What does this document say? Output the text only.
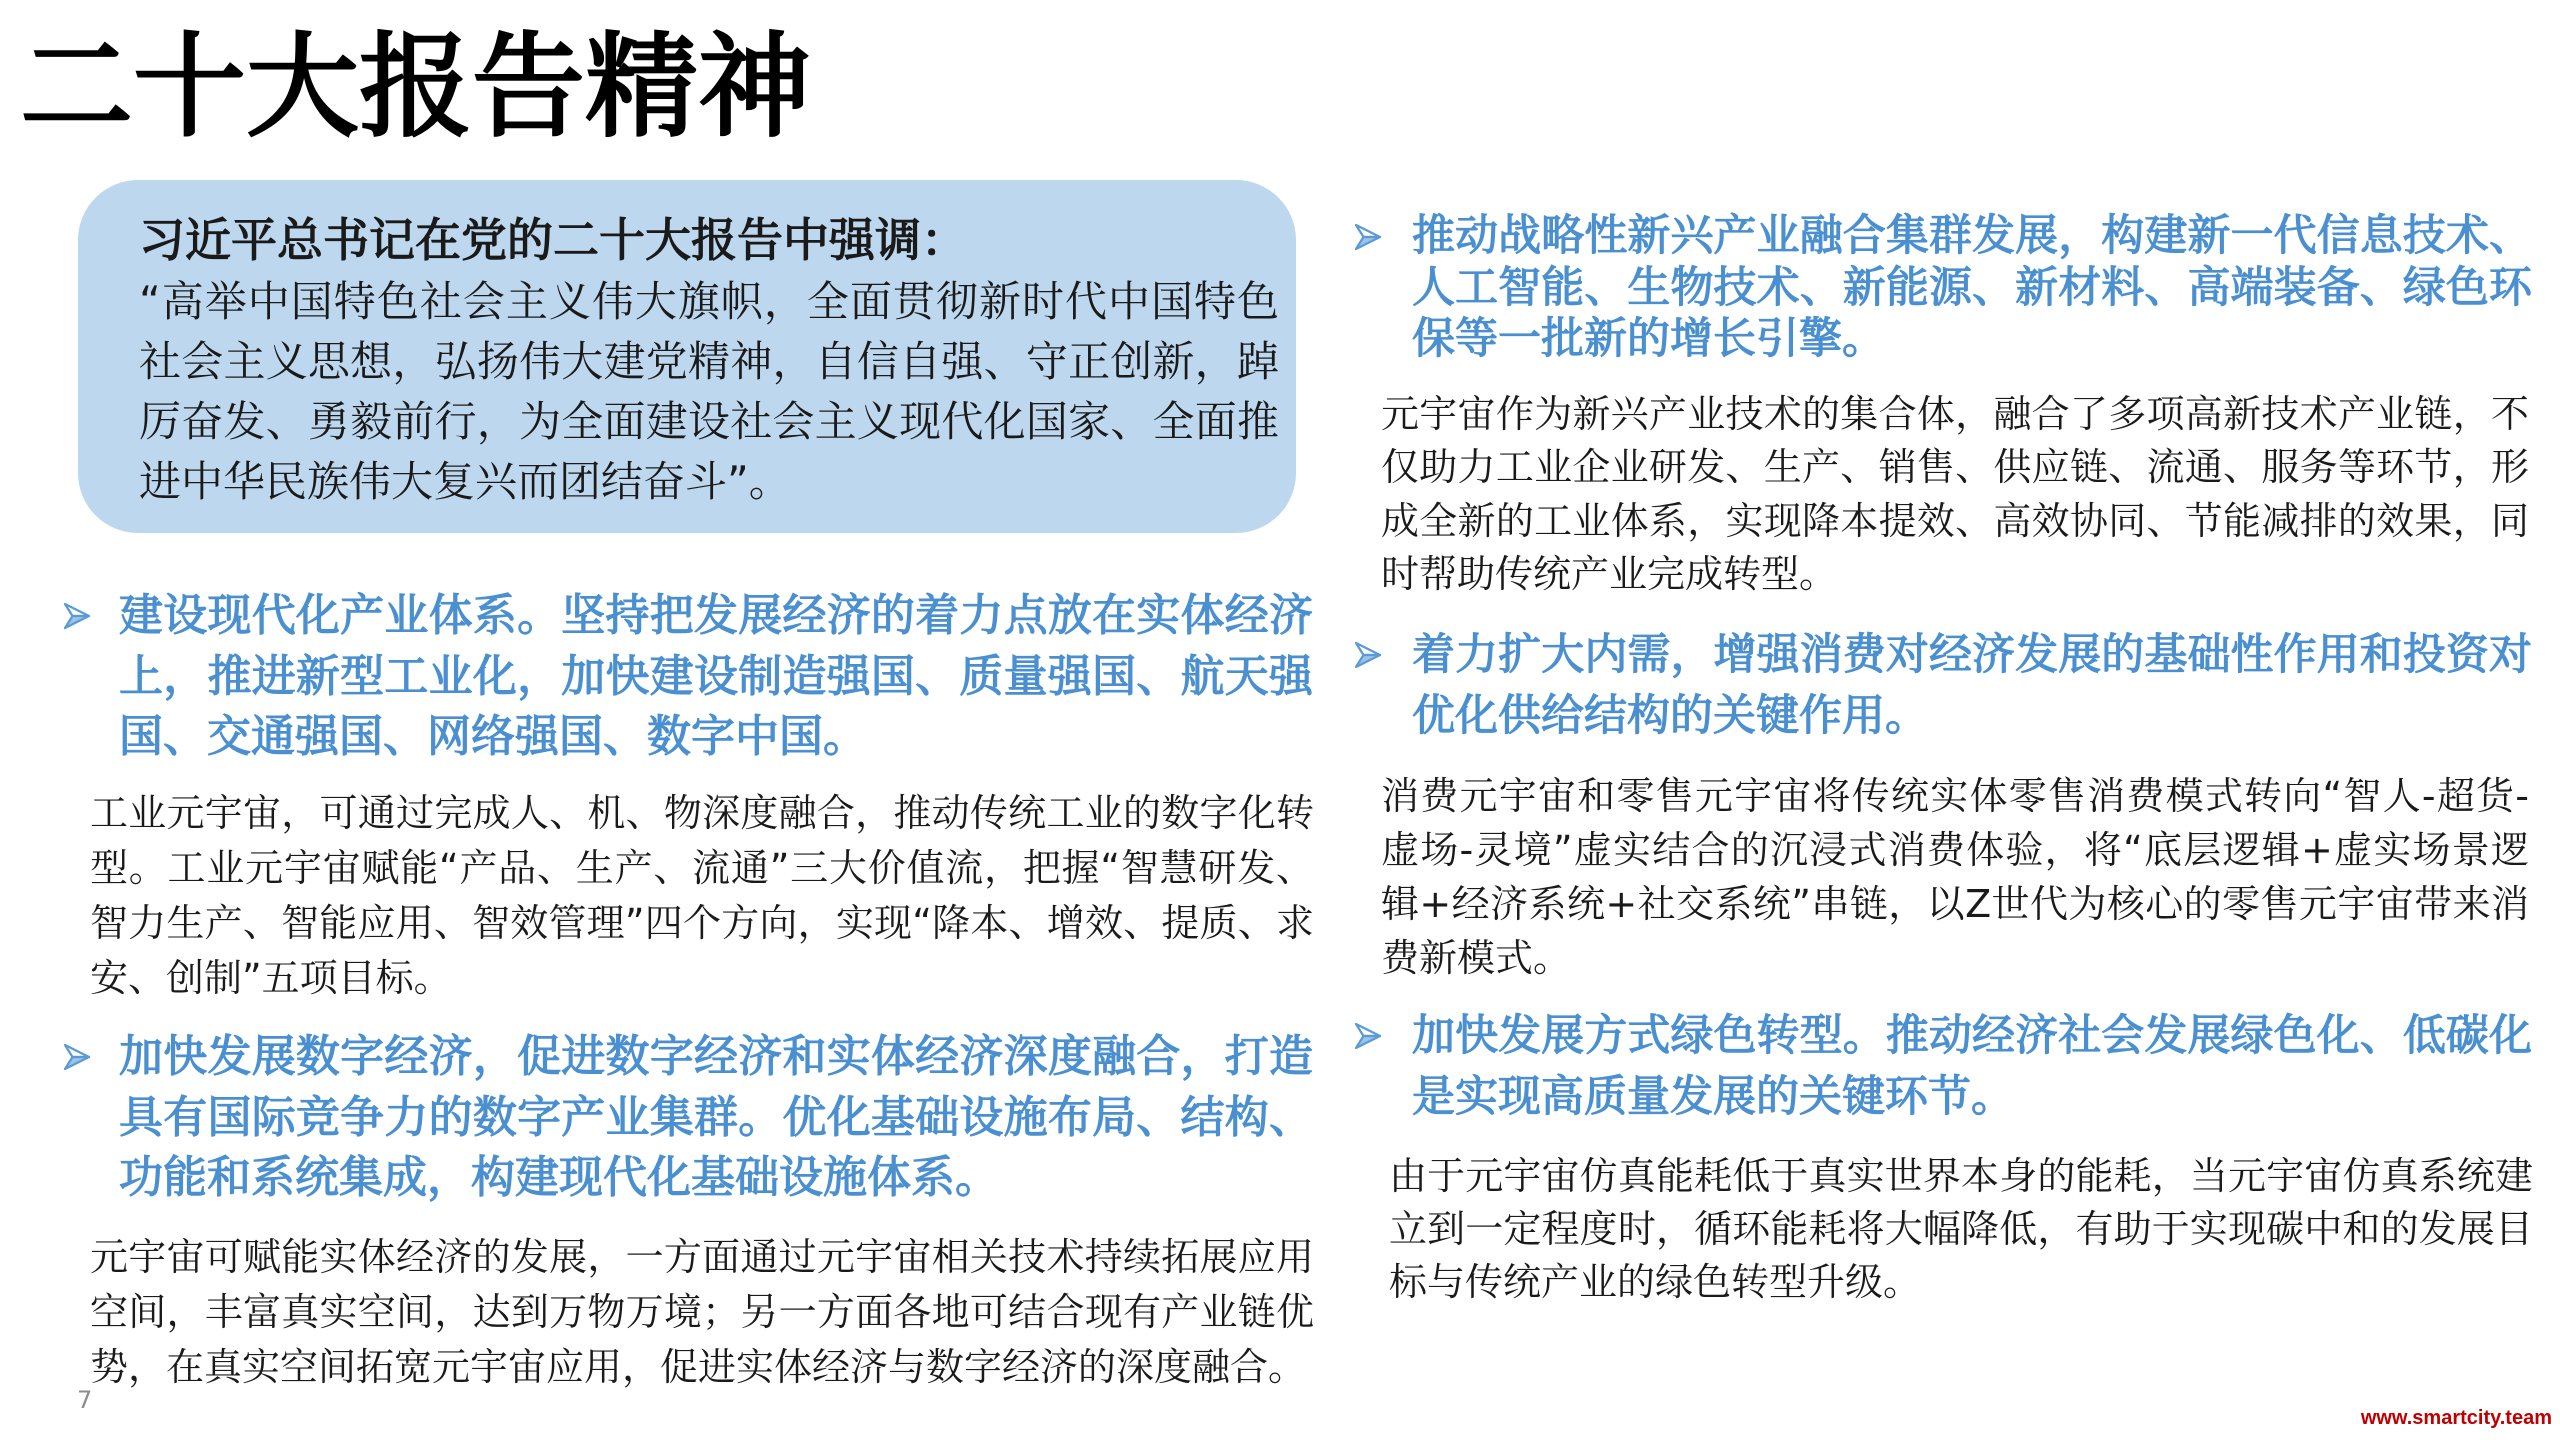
二十大报告精神

习近平总书记在党的二十大报告中强调：

“高举中国特色社会主义伟大旗帜，全面贯彻新时代中国特色社会主义思想，弘扬伟大建党精神，自信自强、守正创新，踔厉奋发、勇毅前行，为全面建设社会主义现代化国家、全面推进中华民族伟大复兴而团结奋斗”。

建设现代化产业体系。坚持把发展经济的着力点放在实体经济上，推进新型工业化，加快建设制造强国、质量强国、航天强国、交通强国、网络强国、数字中国。

工业元宇宙，可通过完成人、机、物深度融合，推动传统工业的数字化转型。工业元宇宙赋能“产品、生产、流通”三大价值流，把握“智慧研发、智力生产、智能应用、智效管理”四个方向，实现“降本、增效、提质、求安、创制”五项目标。

加快发展数字经济，促进数字经济和实体经济深度融合，打造具有国际竞争力的数字产业集群。优化基础设施布局、结构、功能和系统集成，构建现代化基础设施体系。

元宇宙可赋能实体经济的发展，一方面通过元宇宙相关技术持续拓展应用空间，丰富真实空间，达到万物万境；另一方面各地可结合现有产业链优势，在真实空间拓宽元宇宙应用，促进实体经济与数字经济的深度融合。

推动战略性新兴产业融合集群发展，构建新一代信息技术、人工智能、生物技术、新能源、新材料、高端装备、绿色环保等一批新的增长引擎。

元宇宙作为新兴产业技术的集合体，融合了多项高新技术产业链，不仅助力工业企业研发、生产、销售、供应链、流通、服务等环节，形成全新的工业体系，实现降本提效、高效协同、节能减排的效果，同时帮助传统产业完成转型。

着力扩大内需，增强消费对经济发展的基础性作用和投资对优化供给结构的关键作用。

消费元宇宙和零售元宇宙将传统实体零售消费模式转向“智人-超货-虚场-灵境”虚实结合的沉浸式消费体验，将“底层逻辑+虚实场景逻辑+经济系统+社交系统”串链，以Z世代为核心的零售元宇宙带来消费新模式。

加快发展方式绿色转型。推动经济社会发展绿色化、低碳化是实现高质量发展的关键环节。

由于元宇宙仿真能耗低于真实世界本身的能耗，当元宇宙仿真系统建立到一定程度时，循环能耗将大幅降低，有助于实现碳中和的发展目标与传统产业的绿色转型升级。

7
www.smartcity.team
